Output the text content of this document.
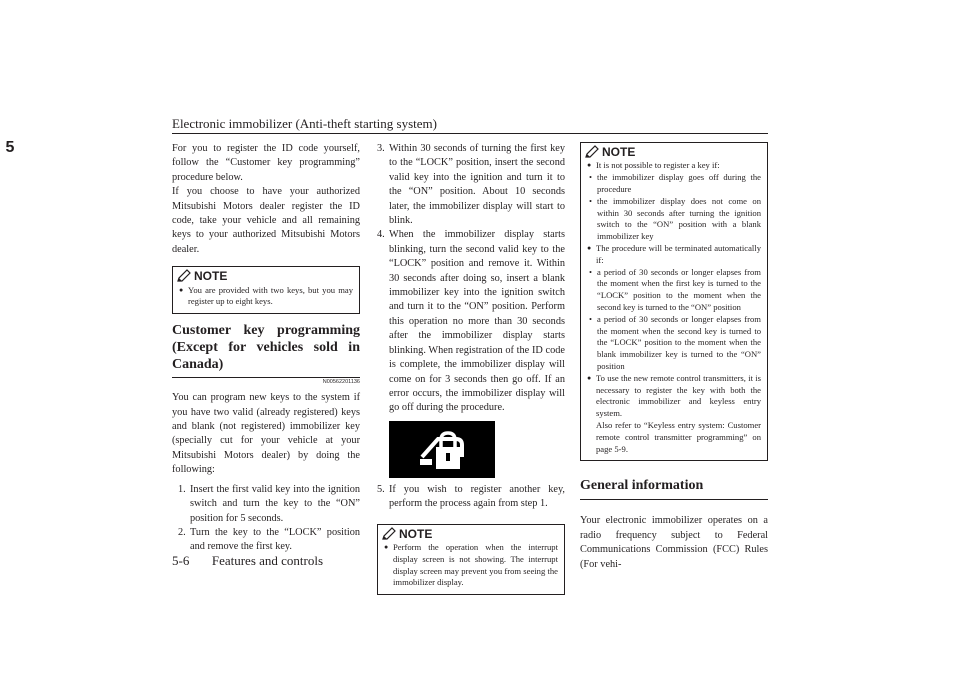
Electronic immobilizer (Anti-theft starting system)
5	For you to register the ID code yourself, follow the “Customer key programming” procedure below.

If you choose to have your authorized Mitsubishi Motors dealer register the ID code, take your vehicle and all remaining keys to your authorized Mitsubishi Motors dealer.

NOTE
● You are provided with two keys, but you may register up to eight keys.
Customer key programming (Except for vehicles sold in Canada)
N00562201136

You can program new keys to the system if you have two valid (already registered) keys and blank (not registered) immobilizer key (specially cut for your vehicle at your Mitsubishi Motors dealer) by doing the following:

1. Insert the first valid key into the ignition switch and turn the key to the “ON” position for 5 seconds.
2. Turn the key to the “LOCK” position and remove the first key.
3. Within 30 seconds of turning the first key to the “LOCK” position, insert the second valid key into the ignition and turn it to the “ON” position. About 10 seconds later, the immobilizer display will start to blink.
4. When the immobilizer display starts blinking, turn the second valid key to the “LOCK” position and remove it. Within 30 seconds after doing so, insert a blank immobilizer key into the ignition switch and turn it to the “ON” position. Perform this operation no more than 30 seconds after the immobilizer display starts blinking. When registration of the ID code is complete, the immobilizer display will come on for 3 seconds then go off. If an error occurs, the immobilizer display will go off during the procedure.
5. If you wish to register another key, perform the process again from step 1.
NOTE
● Perform the operation when the interrupt display screen is not showing. The interrupt display screen may prevent you from seeing the immobilizer display.
NOTE
● It is not possible to register a key if:
• the immobilizer display goes off during the procedure
• the immobilizer display does not come on within 30 seconds after turning the ignition switch to the “ON” position with a blank immobilizer key
● The procedure will be terminated automatically if:
• a period of 30 seconds or longer elapses from the moment when the first key is turned to the “LOCK” position to the moment when the second key is turned to the “ON” position
• a period of 30 seconds or longer elapses from the moment when the second key is turned to the “LOCK” position to the moment when the blank immobilizer key is turned to the “ON” position
● To use the new remote control transmitters, it is necessary to register the key with both the electronic immobilizer and keyless entry system.
Also refer to “Keyless entry system: Customer remote control transmitter programming” on page 5-9.
General information

Your electronic immobilizer operates on a radio frequency subject to Federal Communications Commission (FCC) Rules (For vehi-

5-6 Features and controls
